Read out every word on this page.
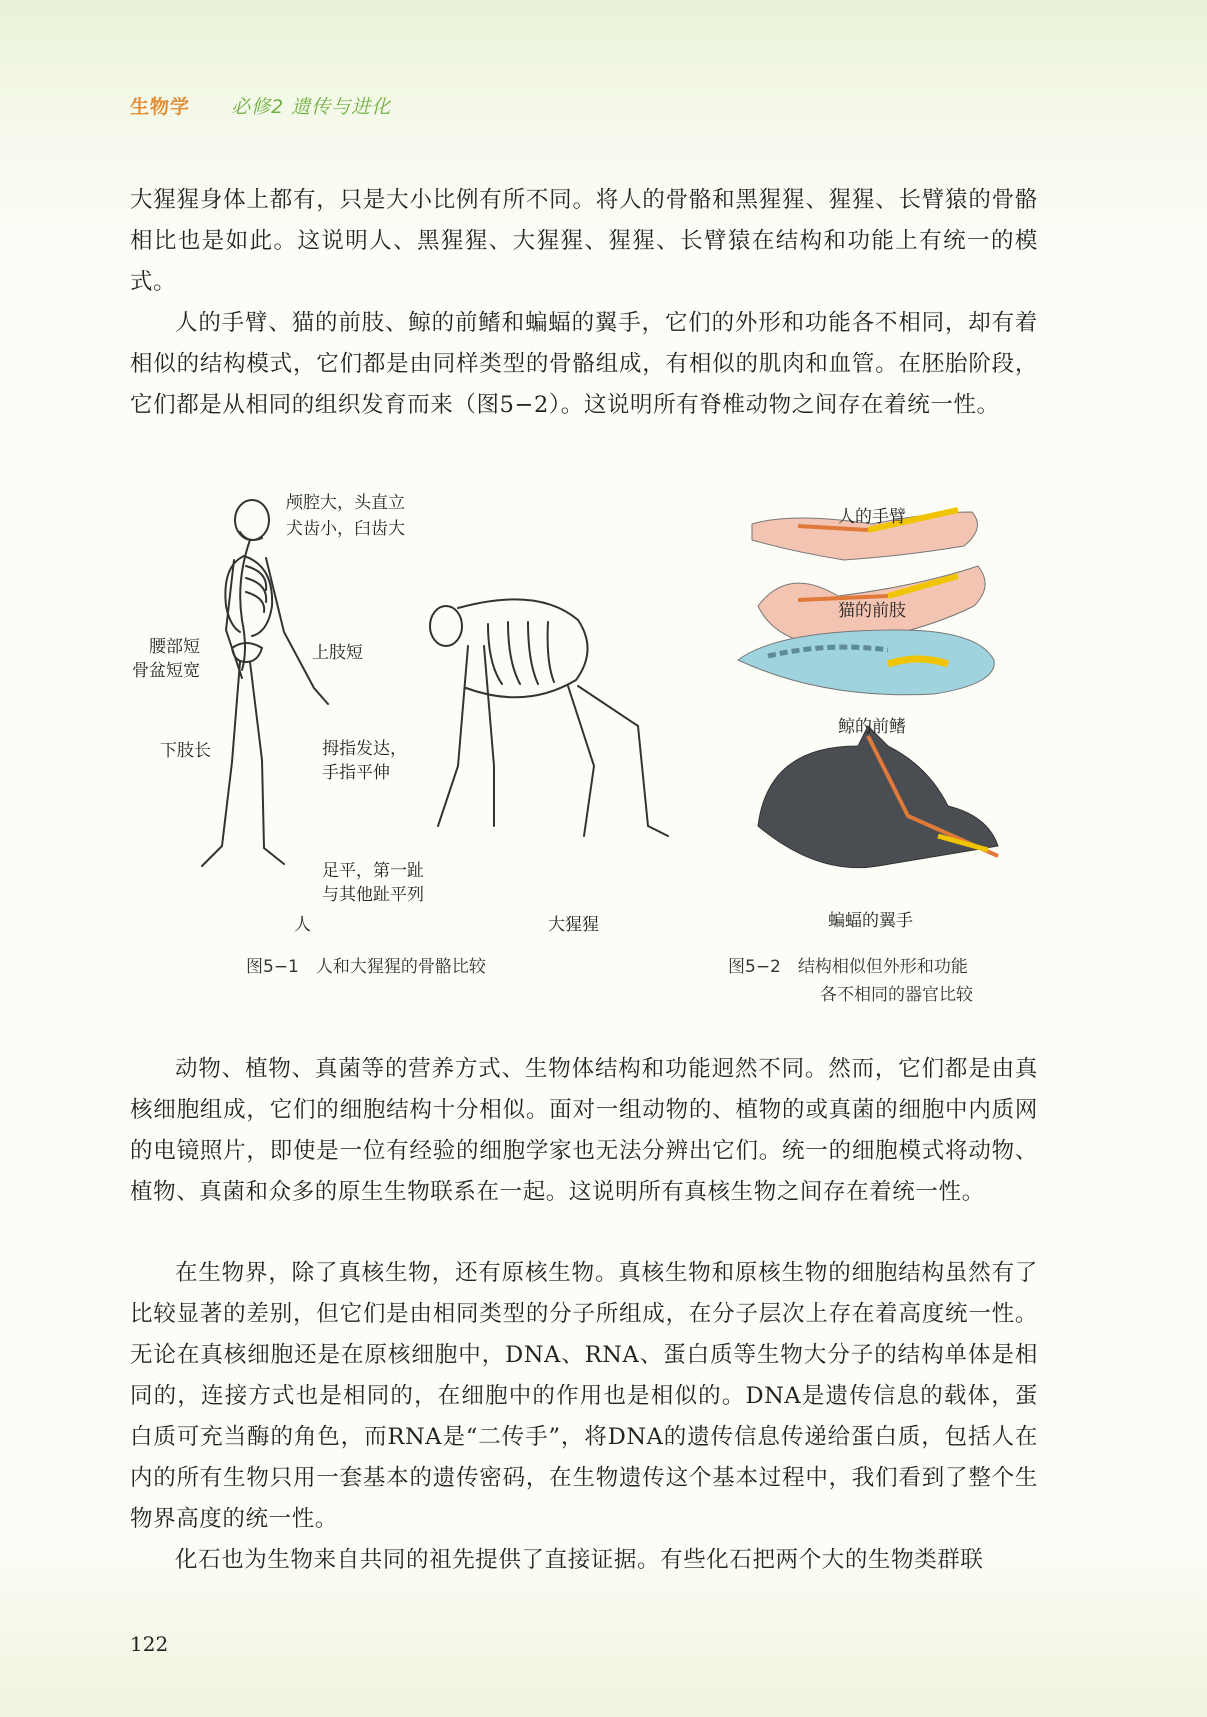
生物学 必修2 遗传与进化

大猩猩身体上都有，只是大小比例有所不同。将人的骨骼和黑猩猩、猩猩、长臂猿的骨骼相比也是如此。这说明人、黑猩猩、大猩猩、猩猩、长臂猿在结构和功能上有统一的模式。

人的手臂、猫的前肢、鲸的前鳍和蝙蝠的翼手，它们的外形和功能各不相同，却有着相似的结构模式，它们都是由同样类型的骨骼组成，有相似的肌肉和血管。在胚胎阶段，它们都是从相同的组织发育而来（图5−2）。这说明所有脊椎动物之间存在着统一性。

颅腔大，头直立
犬齿小，臼齿大
腰部短
骨盆短宽
上肢短
下肢长	拇指发达，
手指平伸
足平，第一趾
与其他趾平列
人	大猩猩
图5−1　人和大猩猩的骨骼比较
人的手臂
猫的前肢
鲸的前鳍
蝙蝠的翼手
图5−2　结构相似但外形和功能
各不相同的器官比较

动物、植物、真菌等的营养方式、生物体结构和功能迥然不同。然而，它们都是由真核细胞组成，它们的细胞结构十分相似。面对一组动物的、植物的或真菌的细胞中内质网的电镜照片，即使是一位有经验的细胞学家也无法分辨出它们。统一的细胞模式将动物、植物、真菌和众多的原生生物联系在一起。这说明所有真核生物之间存在着统一性。

在生物界，除了真核生物，还有原核生物。真核生物和原核生物的细胞结构虽然有了比较显著的差别，但它们是由相同类型的分子所组成，在分子层次上存在着高度统一性。无论在真核细胞还是在原核细胞中，DNA、RNA、蛋白质等生物大分子的结构单体是相同的，连接方式也是相同的，在细胞中的作用也是相似的。DNA是遗传信息的载体，蛋白质可充当酶的角色，而RNA是“二传手”，将DNA的遗传信息传递给蛋白质，包括人在内的所有生物只用一套基本的遗传密码，在生物遗传这个基本过程中，我们看到了整个生物界高度的统一性。

化石也为生物来自共同的祖先提供了直接证据。有些化石把两个大的生物类群联

122
